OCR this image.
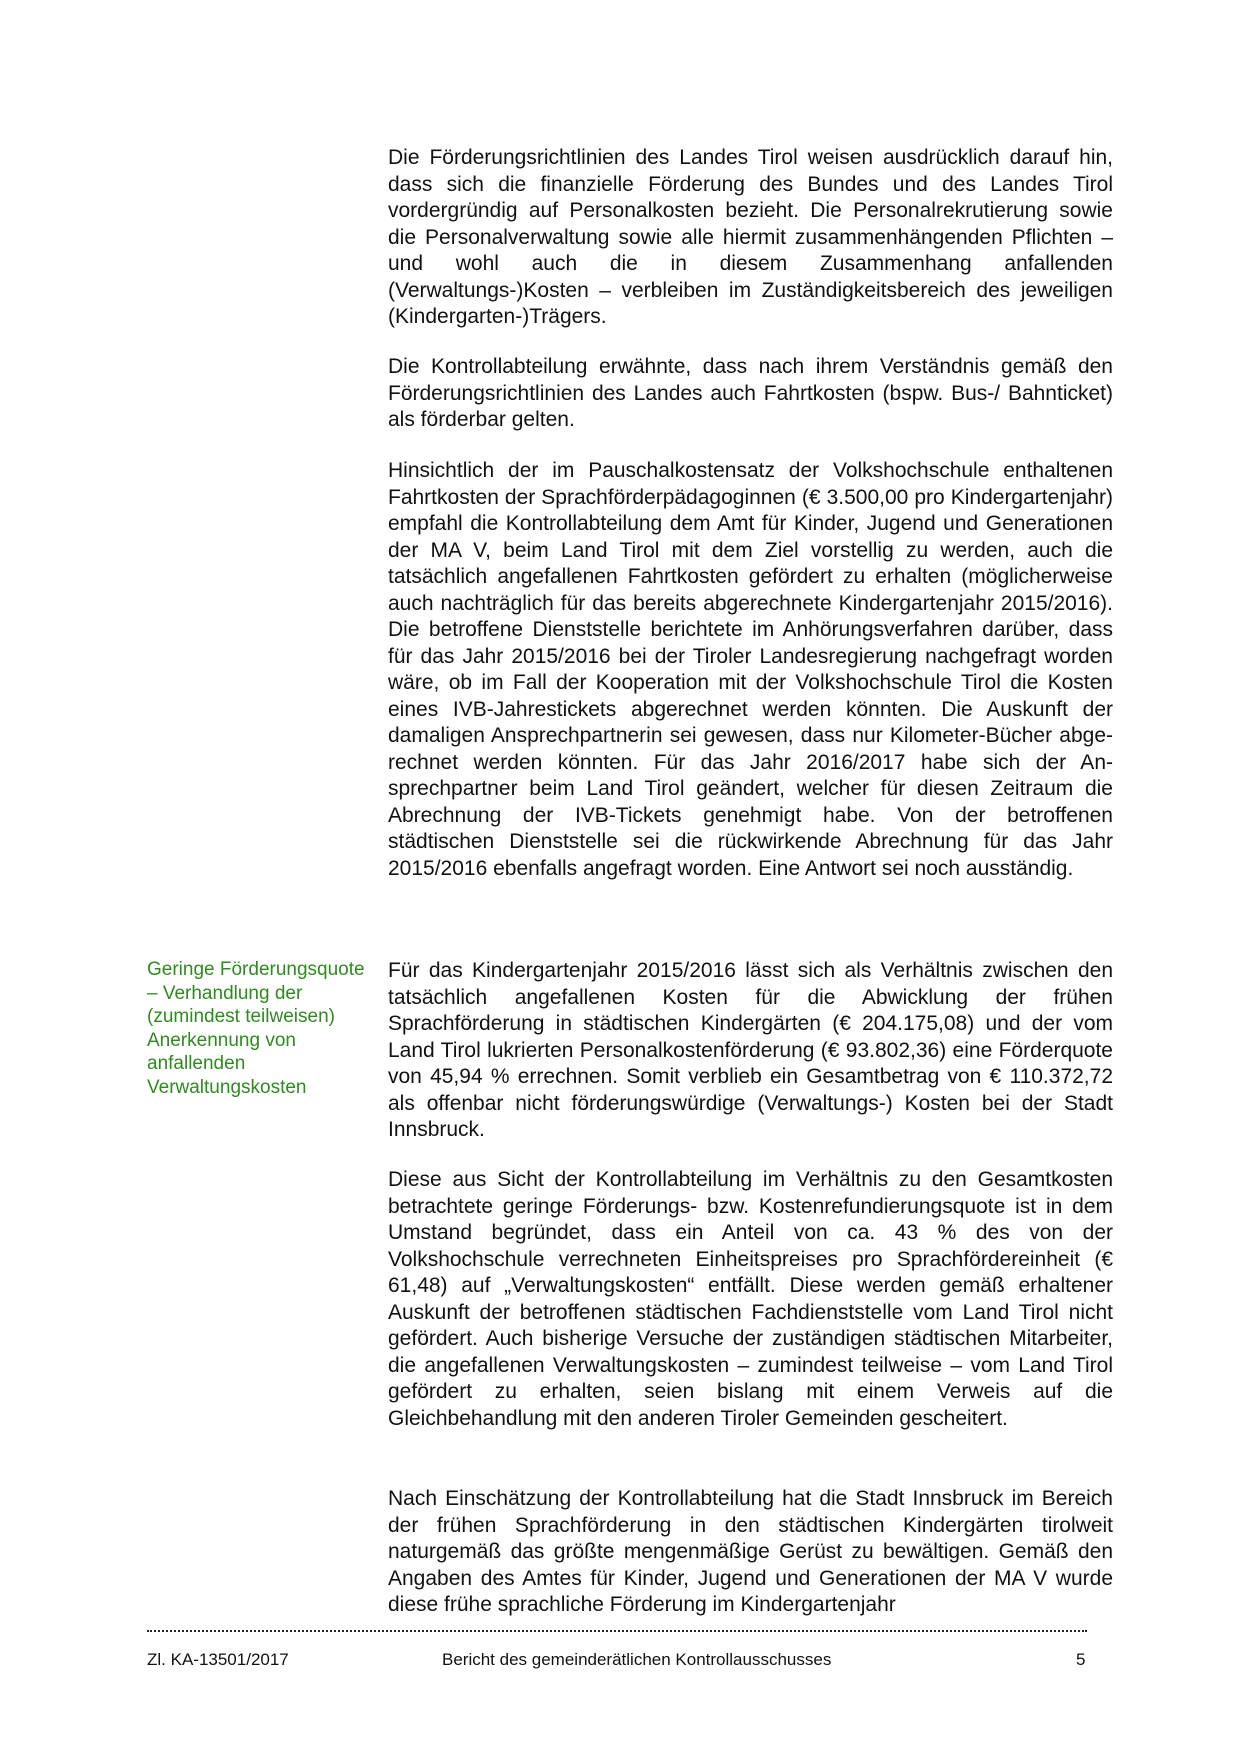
Die Förderungsrichtlinien des Landes Tirol weisen ausdrücklich darauf hin, dass sich die finanzielle Förderung des Bundes und des Landes Tirol vordergründig auf Personalkosten bezieht. Die Personalrekrutierung sowie die Personalverwaltung sowie alle hiermit zusammenhängenden Pflichten – und wohl auch die in diesem Zusammenhang anfallenden (Verwaltungs-)Kosten – verbleiben im Zuständigkeitsbereich des jeweiligen (Kindergarten-)Trägers.

Die Kontrollabteilung erwähnte, dass nach ihrem Verständnis gemäß den Förderungsrichtlinien des Landes auch Fahrtkosten (bspw. Bus-/ Bahnticket) als förderbar gelten.

Hinsichtlich der im Pauschalkostensatz der Volkshochschule enthaltenen Fahrtkosten der Sprachförderpädagoginnen (€ 3.500,00 pro Kindergartenjahr) empfahl die Kontrollabteilung dem Amt für Kinder, Jugend und Generationen der MA V, beim Land Tirol mit dem Ziel vorstellig zu werden, auch die tatsächlich angefallenen Fahrtkosten gefördert zu erhalten (möglicherweise auch nachträglich für das bereits abgerechnete Kindergartenjahr 2015/2016). Die betroffene Dienststelle berichtete im Anhörungsverfahren darüber, dass für das Jahr 2015/2016 bei der Tiroler Landesregierung nachgefragt worden wäre, ob im Fall der Kooperation mit der Volkshochschule Tirol die Kosten eines IVB-Jahrestickets abgerechnet werden könnten. Die Auskunft der damaligen Ansprechpartnerin sei gewesen, dass nur Kilometer-Bücher abgerechnet werden könnten. Für das Jahr 2016/2017 habe sich der Ansprechpartner beim Land Tirol geändert, welcher für diesen Zeitraum die Abrechnung der IVB-Tickets genehmigt habe. Von der betroffenen städtischen Dienststelle sei die rückwirkende Abrechnung für das Jahr 2015/2016 ebenfalls angefragt worden. Eine Antwort sei noch ausständig.

Für das Kindergartenjahr 2015/2016 lässt sich als Verhältnis zwischen den tatsächlich angefallenen Kosten für die Abwicklung der frühen Sprachförderung in städtischen Kindergärten (€ 204.175,08) und der vom Land Tirol lukrierten Personalkostenförderung (€ 93.802,36) eine Förderquote von 45,94 % errechnen. Somit verblieb ein Gesamtbetrag von € 110.372,72 als offenbar nicht förderungswürdige (Verwaltungs-) Kosten bei der Stadt Innsbruck.

Diese aus Sicht der Kontrollabteilung im Verhältnis zu den Gesamtkosten betrachtete geringe Förderungs- bzw. Kostenrefundierungsquote ist in dem Umstand begründet, dass ein Anteil von ca. 43 % des von der Volkshochschule verrechneten Einheitspreises pro Sprachfördereinheit (€ 61,48) auf „Verwaltungskosten“ entfällt. Diese werden gemäß erhaltener Auskunft der betroffenen städtischen Fachdienststelle vom Land Tirol nicht gefördert. Auch bisherige Versuche der zuständigen städtischen Mitarbeiter, die angefallenen Verwaltungskosten – zumindest teilweise – vom Land Tirol gefördert zu erhalten, seien bislang mit einem Verweis auf die Gleichbehandlung mit den anderen Tiroler Gemeinden gescheitert.

Nach Einschätzung der Kontrollabteilung hat die Stadt Innsbruck im Bereich der frühen Sprachförderung in den städtischen Kindergärten tirolweit naturgemäß das größte mengenmäßige Gerüst zu bewältigen. Gemäß den Angaben des Amtes für Kinder, Jugend und Generationen der MA V wurde diese frühe sprachliche Förderung im Kindergartenjahr

Geringe Förderungsquote – Verhandlung der (zumindest teilweisen) Anerkennung von anfallenden Verwaltungskosten

Zl. KA-13501/2017	Bericht des gemeinderätlichen Kontrollausschusses	5
